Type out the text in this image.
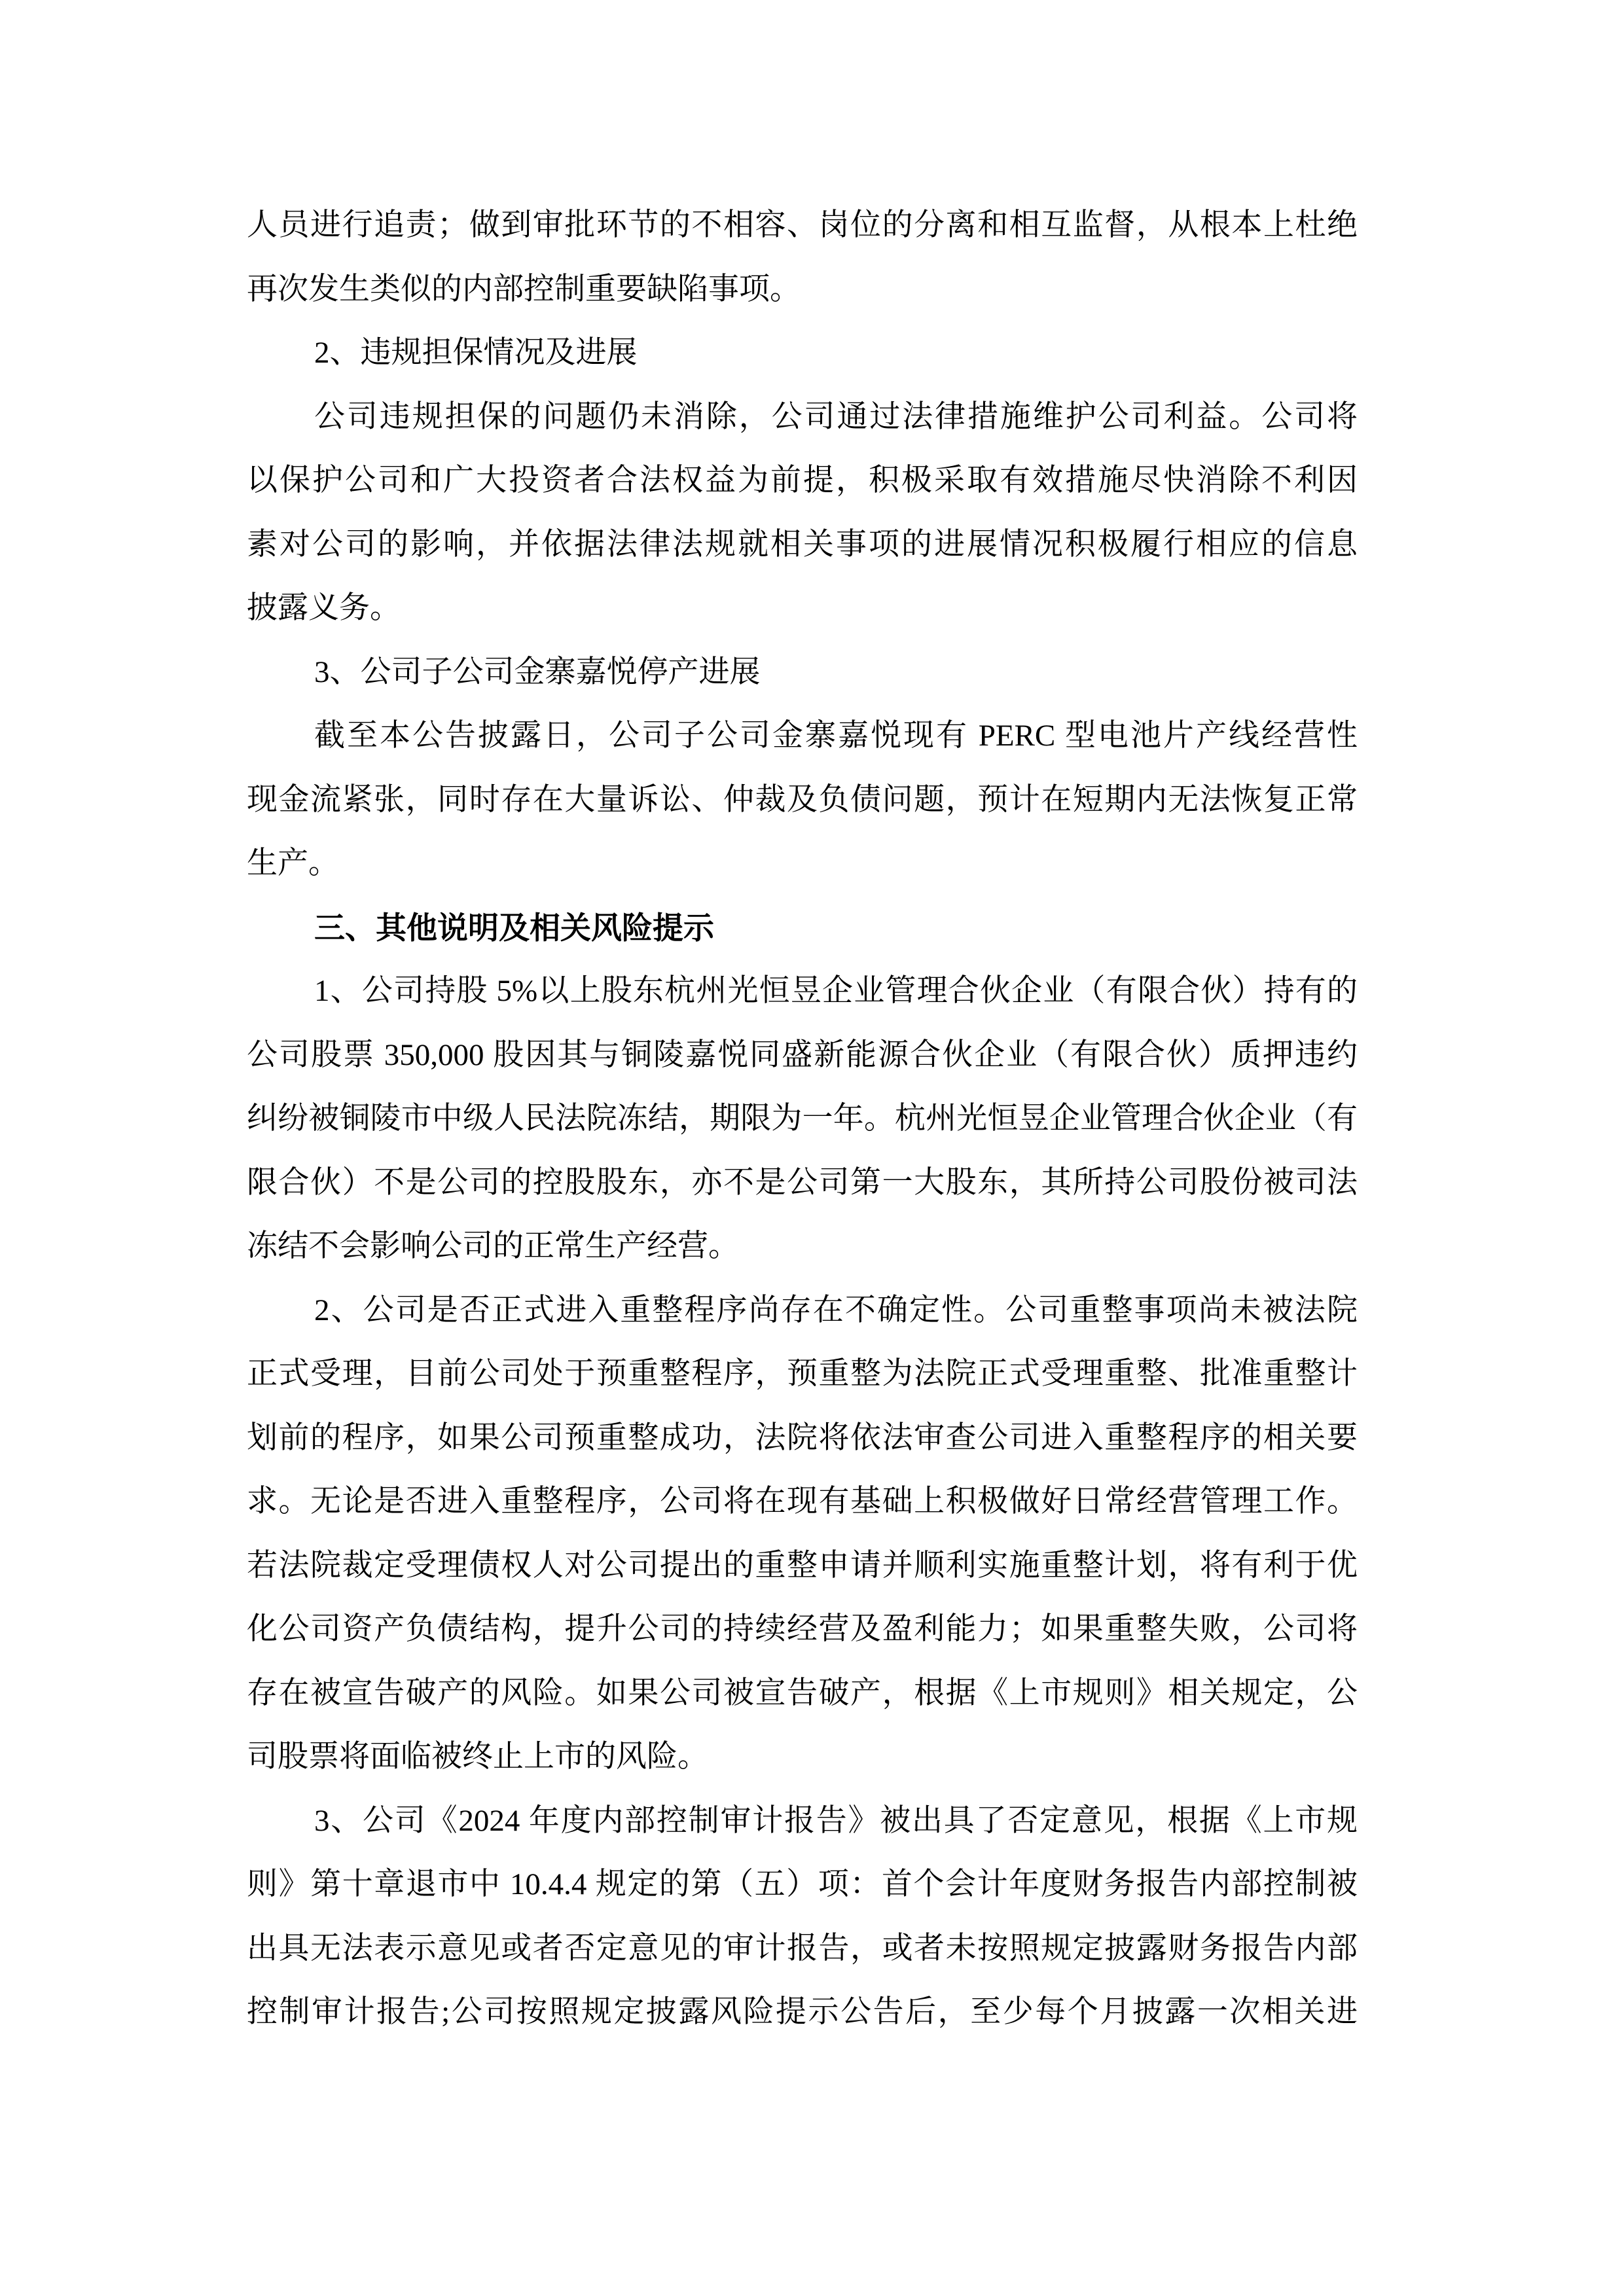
人员进行追责；做到审批环节的不相容、岗位的分离和相互监督，从根本上杜绝
再次发生类似的内部控制重要缺陷事项。
2、违规担保情况及进展
公司违规担保的问题仍未消除，公司通过法律措施维护公司利益。公司将
以保护公司和广大投资者合法权益为前提，积极采取有效措施尽快消除不利因
素对公司的影响，并依据法律法规就相关事项的进展情况积极履行相应的信息
披露义务。
3、公司子公司金寨嘉悦停产进展
截至本公告披露日，公司子公司金寨嘉悦现有 PERC 型电池片产线经营性
现金流紧张，同时存在大量诉讼、仲裁及负债问题，预计在短期内无法恢复正常
生产。
三、其他说明及相关风险提示
1、公司持股 5%以上股东杭州光恒昱企业管理合伙企业（有限合伙）持有的
公司股票 350,000 股因其与铜陵嘉悦同盛新能源合伙企业（有限合伙）质押违约
纠纷被铜陵市中级人民法院冻结，期限为一年。杭州光恒昱企业管理合伙企业（有
限合伙）不是公司的控股股东，亦不是公司第一大股东，其所持公司股份被司法
冻结不会影响公司的正常生产经营。
2、公司是否正式进入重整程序尚存在不确定性。公司重整事项尚未被法院
正式受理，目前公司处于预重整程序，预重整为法院正式受理重整、批准重整计
划前的程序，如果公司预重整成功，法院将依法审查公司进入重整程序的相关要
求。无论是否进入重整程序，公司将在现有基础上积极做好日常经营管理工作。
若法院裁定受理债权人对公司提出的重整申请并顺利实施重整计划，将有利于优
化公司资产负债结构，提升公司的持续经营及盈利能力；如果重整失败，公司将
存在被宣告破产的风险。如果公司被宣告破产，根据《上市规则》相关规定，公
司股票将面临被终止上市的风险。
3、公司《2024 年度内部控制审计报告》被出具了否定意见，根据《上市规
则》第十章退市中 10.4.4 规定的第（五）项：首个会计年度财务报告内部控制被
出具无法表示意见或者否定意见的审计报告，或者未按照规定披露财务报告内部
控制审计报告;公司按照规定披露风险提示公告后，至少每个月披露一次相关进
